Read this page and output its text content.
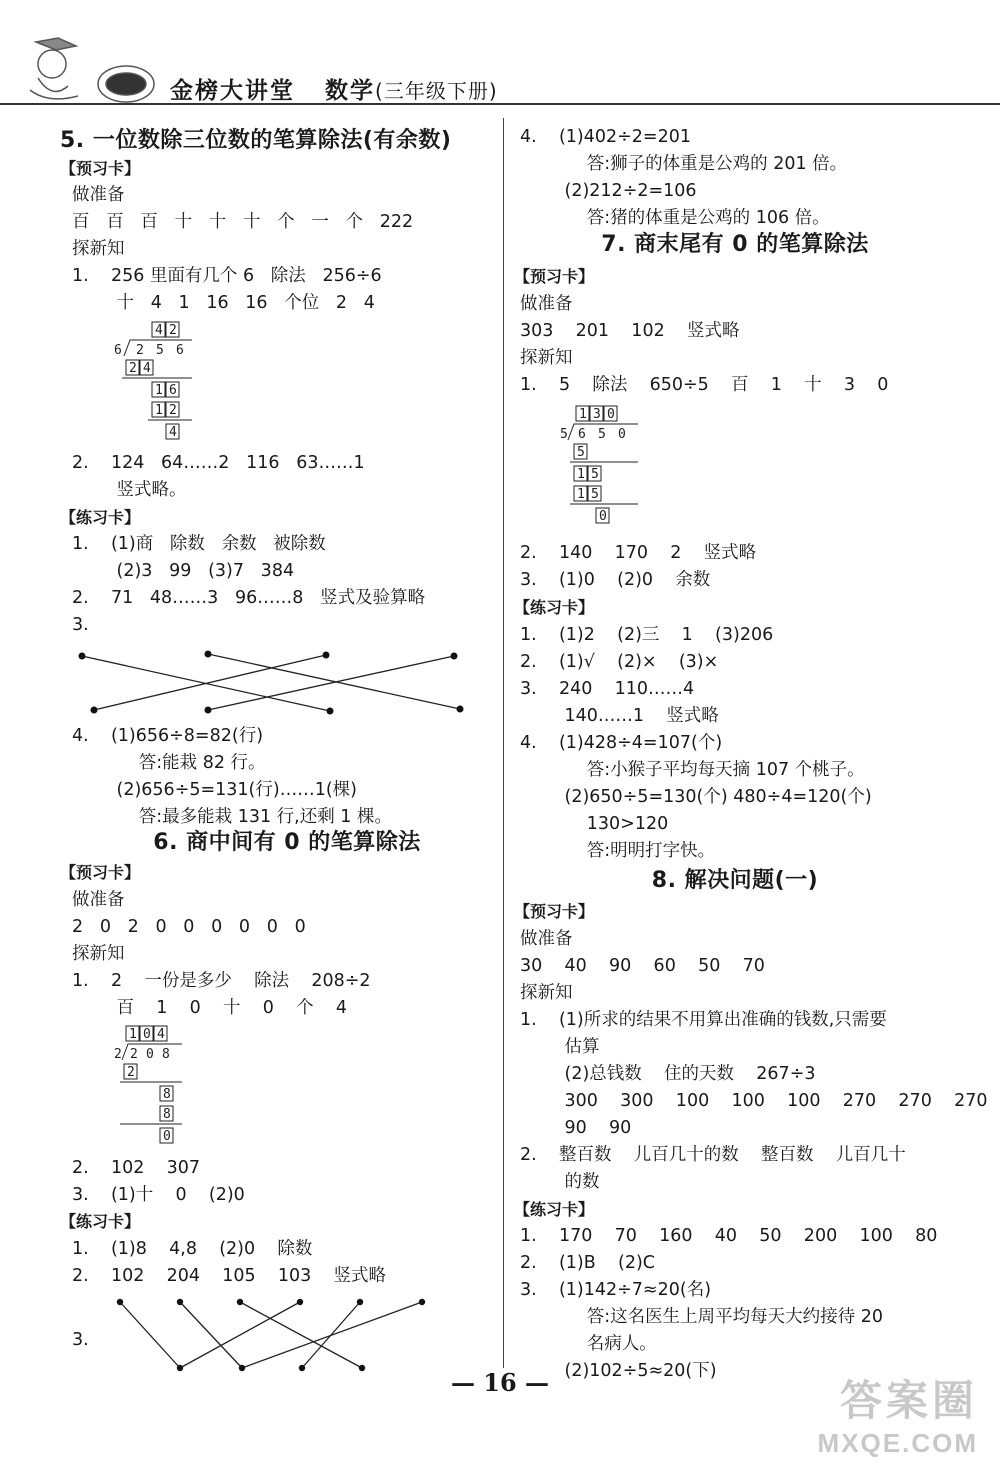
金榜大讲堂 数学(三年级下册)
5. 一位数除三位数的笔算除法(有余数)
【预习卡】
做准备
百   百   百   十   十   十   个   一   个   222
探新知
1.    256 里面有几个 6   除法   256÷6
十   4   1   16   16   个位   2   4
4 2
6 2 5 6
2 4
1 6
1 2
4
2.    124   64……2   116   63……1
竖式略。
【练习卡】
1.    (1)商   除数   余数   被除数
(2)3   99   (3)7   384
2.    71   48……3   96……8   竖式及验算略
3.
4.    (1)656÷8=82(行)
答:能栽 82 行。
(2)656÷5=131(行)……1(棵)
答:最多能栽 131 行,还剩 1 棵。
6. 商中间有 0 的笔算除法
【预习卡】
做准备
2   0   2   0   0   0   0   0   0
探新知
1.    2    一份是多少    除法    208÷2
百    1    0    十    0    个    4
1 0 4
2 2 0 8
2
8
8
0
2.    102    307
3.    (1)十    0    (2)0
【练习卡】
1.    (1)8    4,8    (2)0    除数
2.    102    204    105    103    竖式略
3.
4.    (1)402÷2=201
答:狮子的体重是公鸡的 201 倍。
(2)212÷2=106
答:猪的体重是公鸡的 106 倍。
7. 商末尾有 0 的笔算除法
【预习卡】
做准备
303    201    102    竖式略
探新知
1.    5    除法    650÷5    百    1    十    3    0
1 3 0
5 6 5 0
5
1 5
1 5
0
2.    140    170    2    竖式略
3.    (1)0    (2)0    余数
【练习卡】
1.    (1)2    (2)三    1    (3)206
2.    (1)√    (2)×    (3)×
3.    240    110……4
140……1    竖式略
4.    (1)428÷4=107(个)
答:小猴子平均每天摘 107 个桃子。
(2)650÷5=130(个) 480÷4=120(个)
130>120
答:明明打字快。
8. 解决问题(一)
【预习卡】
做准备
30    40    90    60    50    70
探新知
1.    (1)所求的结果不用算出准确的钱数,只需要
估算
(2)总钱数    住的天数    267÷3
300    300    100    100    100    270    270    270
90    90
2.    整百数    儿百几十的数    整百数    儿百几十
的数
【练习卡】
1.    170    70    160    40    50    200    100    80
2.    (1)B    (2)C
3.    (1)142÷7≈20(名)
答:这名医生上周平均每天大约接待 20
名病人。
(2)102÷5≈20(下)
— 16 —	答案圈
MXQE.COM
